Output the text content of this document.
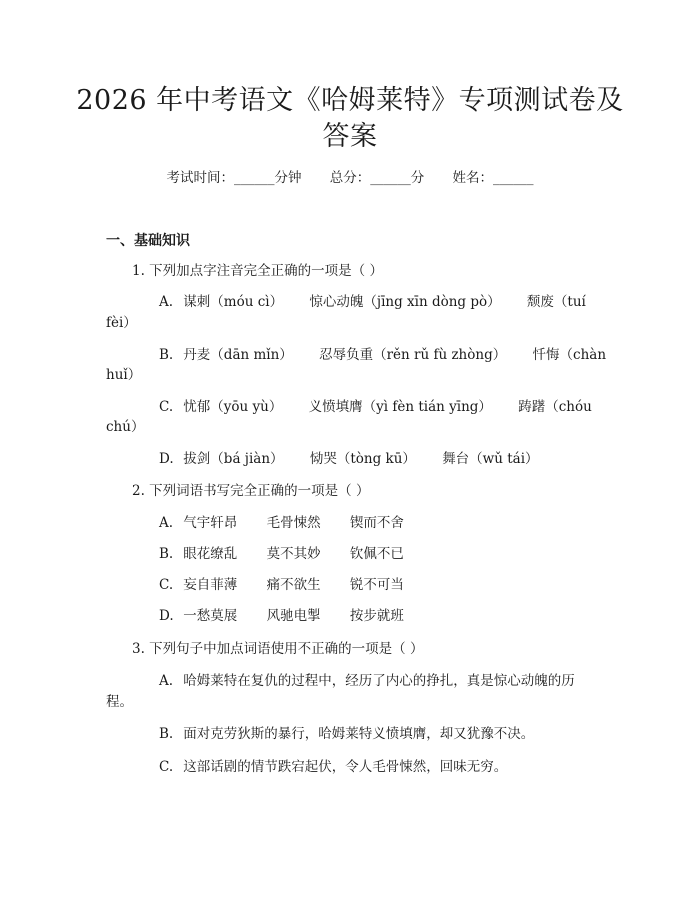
2026 年中考语文《哈姆莱特》专项测试卷及
答案
考试时间：______分钟 总分：______分 姓名：______
一、基础知识
1. 下列加点字注音完全正确的一项是（ ）
A. 谋刺（móu cì） 惊心动魄（jīng xīn dòng pò） 颓废（tuí
fèi）
B. 丹麦（dān mǐn） 忍辱负重（rěn rǔ fù zhòng） 忏悔（chàn
huǐ）
C. 忧郁（yōu yù） 义愤填膺（yì fèn tián yīng） 踌躇（chóu
chú）
D. 拔剑（bá jiàn） 恸哭（tòng kū） 舞台（wǔ tái）
2. 下列词语书写完全正确的一项是（ ）
A. 气宇轩昂 毛骨悚然 锲而不舍
B. 眼花缭乱 莫不其妙 钦佩不已
C. 妄自菲薄 痛不欲生 锐不可当
D. 一愁莫展 风驰电掣 按步就班
3. 下列句子中加点词语使用不正确的一项是（ ）
A. 哈姆莱特在复仇的过程中，经历了内心的挣扎，真是惊心动魄的历
程。
B. 面对克劳狄斯的暴行，哈姆莱特义愤填膺，却又犹豫不决。
C. 这部话剧的情节跌宕起伏，令人毛骨悚然，回味无穷。
